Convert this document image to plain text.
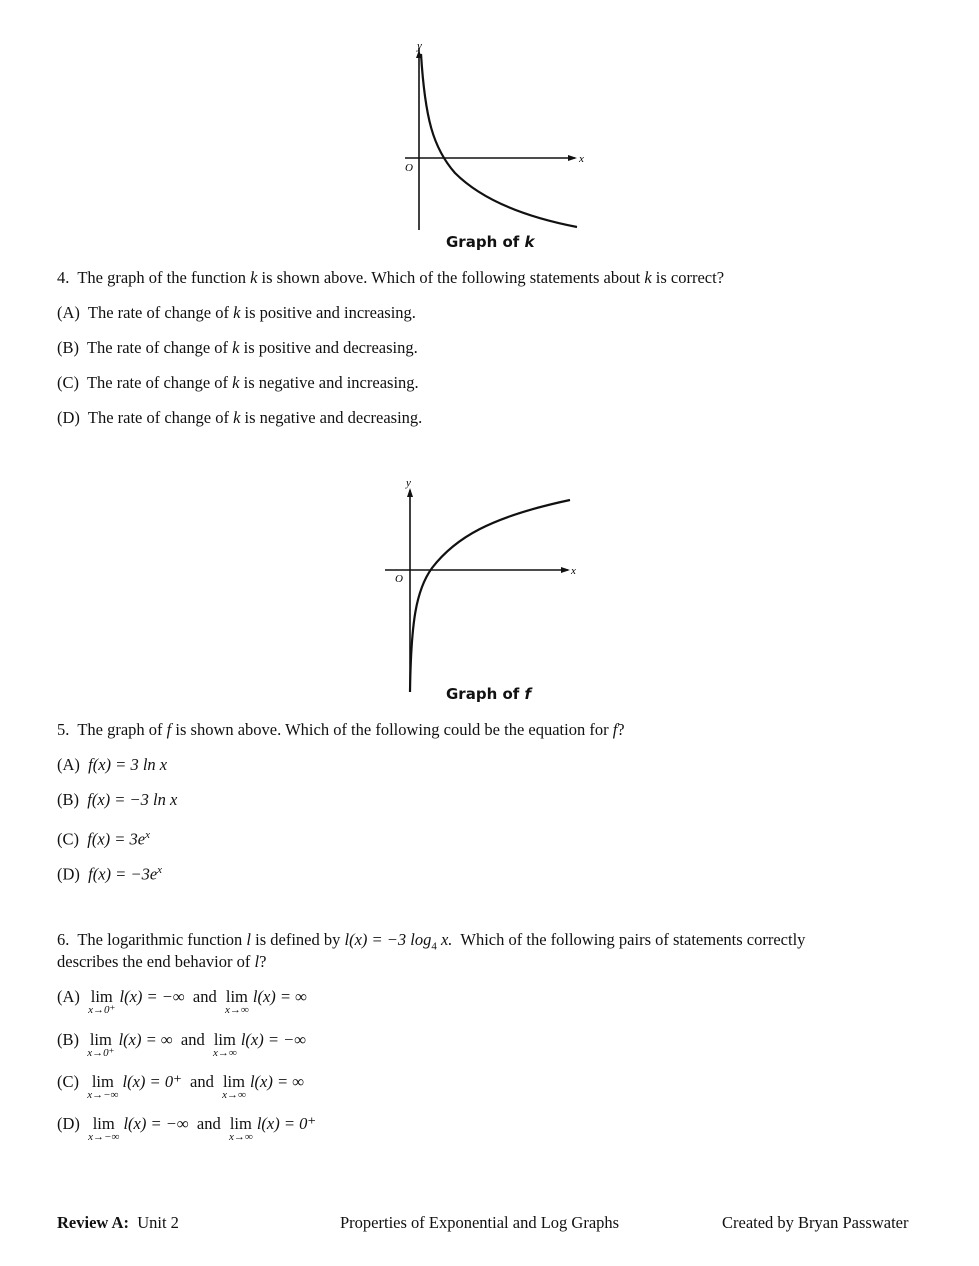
y
x
O
Graph of k
4. The graph of the function k is shown above. Which of the following statements about k is correct?
(A) The rate of change of k is positive and increasing.
(B) The rate of change of k is positive and decreasing.
(C) The rate of change of k is negative and increasing.
(D) The rate of change of k is negative and decreasing.
y
x
O
Graph of f
5. The graph of f is shown above. Which of the following could be the equation for f?
(A) f(x) = 3 ln x
(B) f(x) = −3 ln x
(C) $f(x) = 3e^x$
(D) $f(x) = -3e^x$
6. The logarithmic function l is defined by l(x) = −3 $\log_4 x$. Which of the following pairs of statements correctly
describes the end behavior of l?
(A) lim
x→0⁺
l(x) = −∞ and lim
x→∞
l(x) = ∞
(B) lim
x→0⁺
l(x) = ∞ and lim
x→∞
l(x) = −∞
(C) lim
x→−∞
l(x) = 0⁺ and lim
x→∞
l(x) = ∞
(D) lim
x→−∞
l(x) = −∞ and lim
x→∞
l(x) = 0⁺
Review A: Unit 2	Properties of Exponential and Log Graphs	Created by Bryan Passwater
